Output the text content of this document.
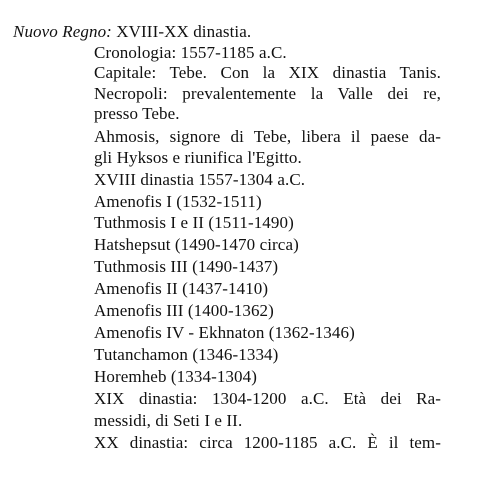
Nuovo Regno: XVIII-XX dinastia.
Cronologia: 1557-1185 a.C.
Capitale: Tebe. Con la XIX dinastia Tanis.
Necropoli: prevalentemente la Valle dei re,
presso Tebe.
Ahmosis, signore di Tebe, libera il paese da-
gli Hyksos e riunifica l'Egitto.
XVIII dinastia 1557-1304 a.C.
Amenofis I (1532-1511)
Tuthmosis I e II (1511-1490)
Hatshepsut (1490-1470 circa)
Tuthmosis III (1490-1437)
Amenofis II (1437-1410)
Amenofis III (1400-1362)
Amenofis IV - Ekhnaton (1362-1346)
Tutanchamon (1346-1334)
Horemheb (1334-1304)
XIX dinastia: 1304-1200 a.C. Età dei Ra-
messidi, di Seti I e II.
XX dinastia: circa 1200-1185 a.C. È il tem-
